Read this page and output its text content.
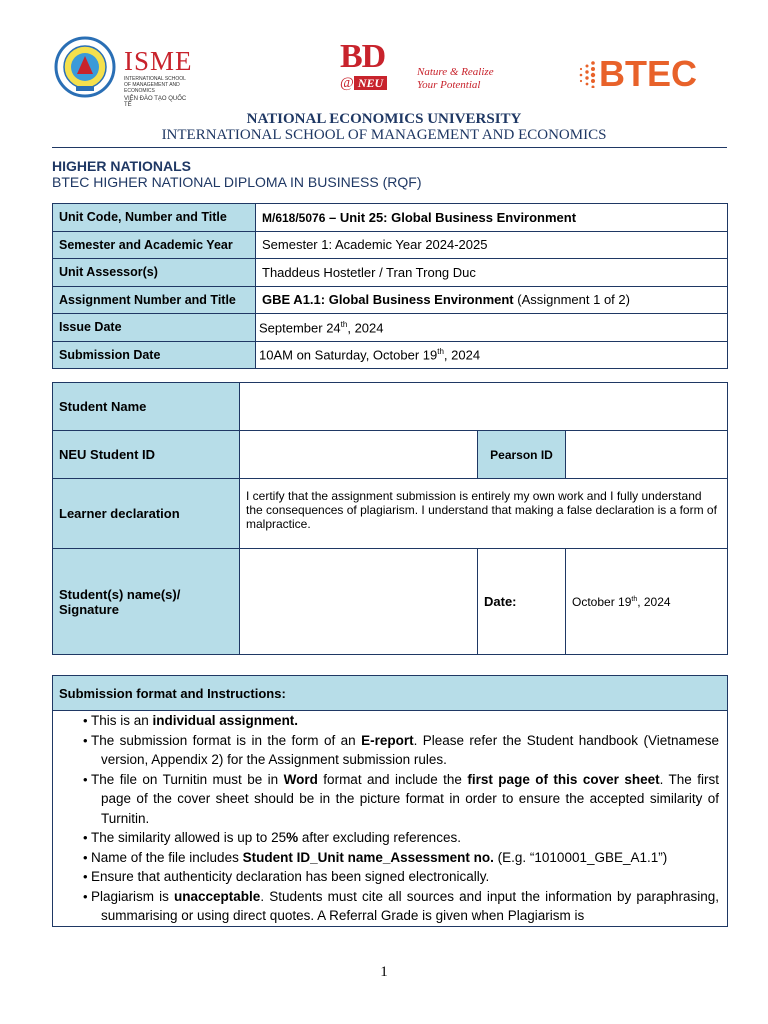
ISME
INTERNATIONAL SCHOOL OF MANAGEMENT AND ECONOMICS
VIỆN ĐÀO TẠO QUỐC TẾ
BD
@ NEU
Nature & Realize
Your Potential	BTEC
NATIONAL ECONOMICS UNIVERSITY
INTERNATIONAL SCHOOL OF MANAGEMENT AND ECONOMICS
HIGHER NATIONALS
BTEC HIGHER NATIONAL DIPLOMA IN BUSINESS (RQF)
Unit Code, Number and Title	M/618/5076 – Unit 25: Global Business Environment
Semester and Academic Year	Semester 1: Academic Year 2024-2025
Unit Assessor(s)	Thaddeus Hostetler / Tran Trong Duc
Assignment Number and Title	GBE A1.1: Global Business Environment (Assignment 1 of 2)
Issue Date	September 24th, 2024
Submission Date	10AM on Saturday, October 19th, 2024
Student Name			
NEU Student ID		Pearson ID	
Learner declaration	I certify that the assignment submission is entirely my own work and I fully understand the consequences of plagiarism. I understand that making a false declaration is a form of malpractice.		
Student(s) name(s)/ Signature		Date:	October 19th, 2024
Submission format and Instructions:

• This is an individual assignment.
• The submission format is in the form of an E-report. Please refer the Student handbook (Vietnamese version, Appendix 2) for the Assignment submission rules.
• The file on Turnitin must be in Word format and include the first page of this cover sheet. The first page of the cover sheet should be in the picture format in order to ensure the accepted similarity of Turnitin.
• The similarity allowed is up to 25% after excluding references.
• Name of the file includes Student ID_Unit name_Assessment no. (E.g. “1010001_GBE_A1.1”)
• Ensure that authenticity declaration has been signed electronically.
• Plagiarism is unacceptable. Students must cite all sources and input the information by paraphrasing, summarising or using direct quotes. A Referral Grade is given when Plagiarism is
1
